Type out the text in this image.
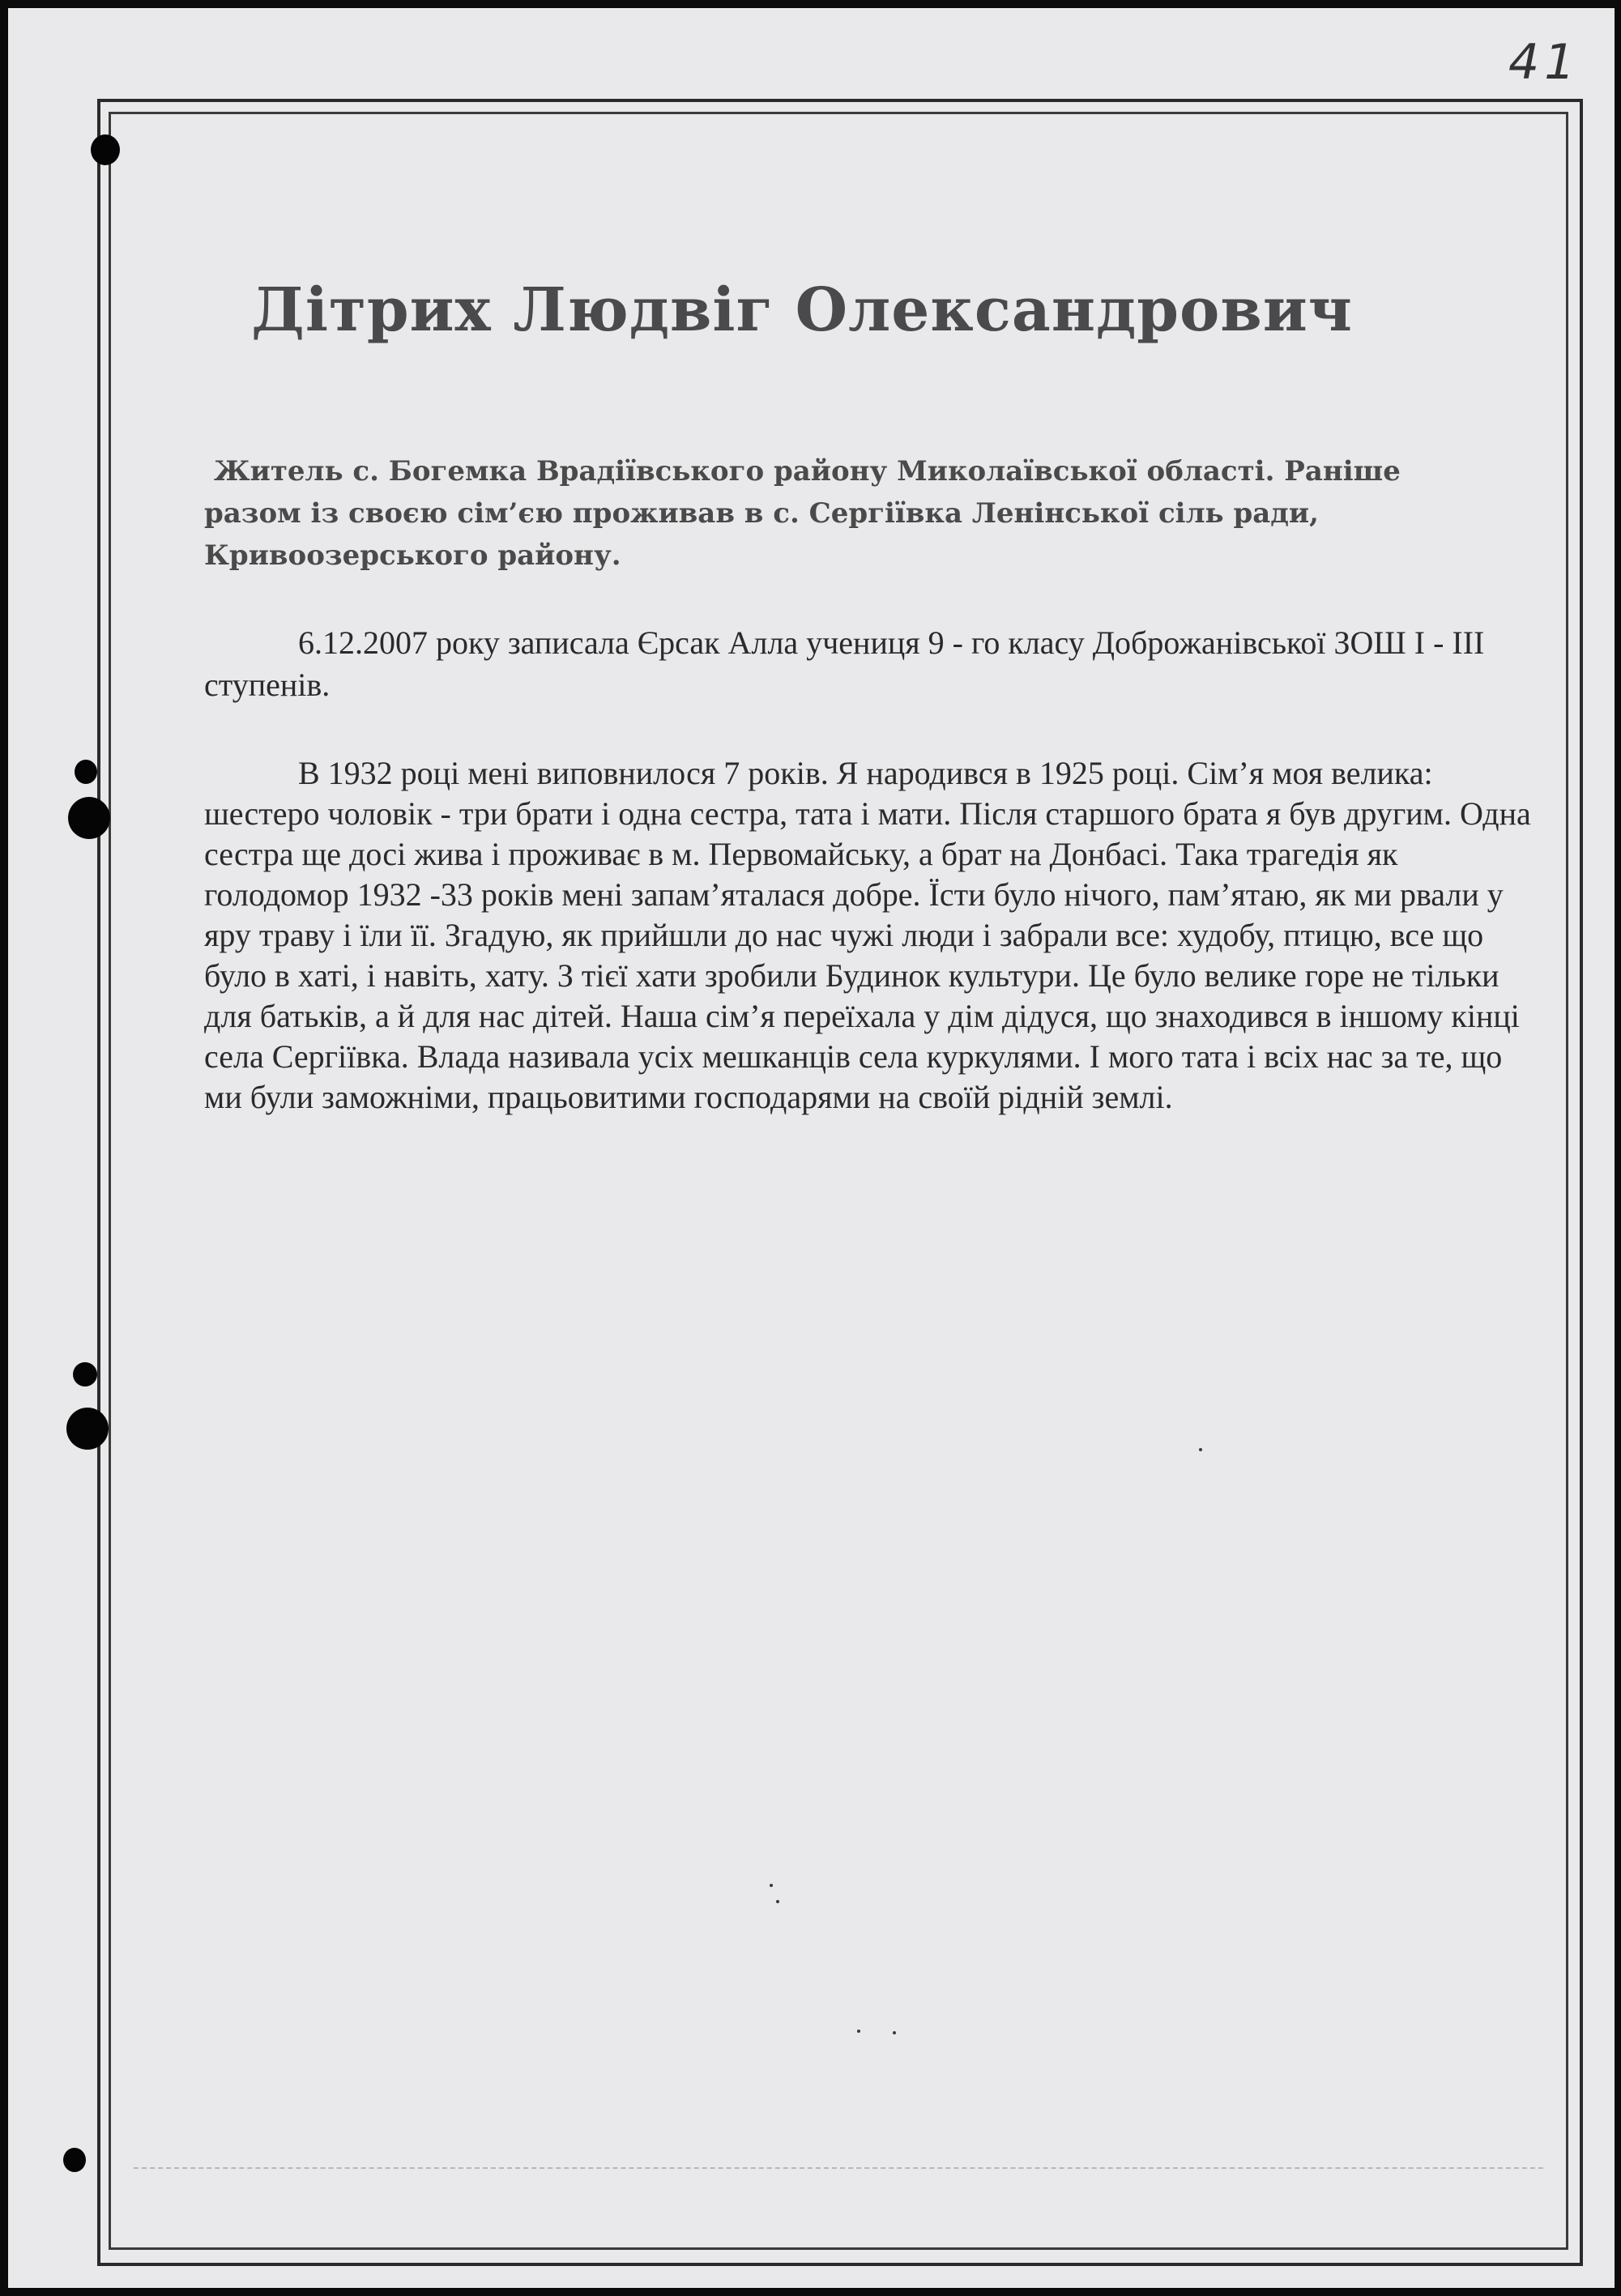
41
Дітрих Людвіг Олександрович

Житель с. Богемка Врадіївського району Миколаївської області. Раніше разом із своєю сім’єю проживав в с. Сергіївка Ленінської сіль ради, Кривоозерського району.

6.12.2007 року записала Єрсак Алла учениця 9 - го класу Доброжанівської ЗОШ І - ІІІ ступенів.

В 1932 році мені виповнилося 7 років. Я народився в 1925 році. Сім’я моя велика: шестеро чоловік - три брати і одна сестра, тата і мати. Після старшого брата я був другим. Одна сестра ще досі жива і проживає в м. Первомайську, а брат на Донбасі. Така трагедія як голодомор 1932 -33 років мені запам’яталася добре. Їсти було нічого, пам’ятаю, як ми рвали у яру траву і їли її. Згадую, як прийшли до нас чужі люди і забрали все: худобу, птицю, все що було в хаті, і навіть, хату. З тієї хати зробили Будинок культури. Це було велике горе не тільки для батьків, а й для нас дітей. Наша сім’я переїхала у дім дідуся, що знаходився в іншому кінці села Сергіївка. Влада називала усіх мешканців села куркулями. І мого тата і всіх нас за те, що ми були заможніми, працьовитими господарями на своїй рідній землі.
